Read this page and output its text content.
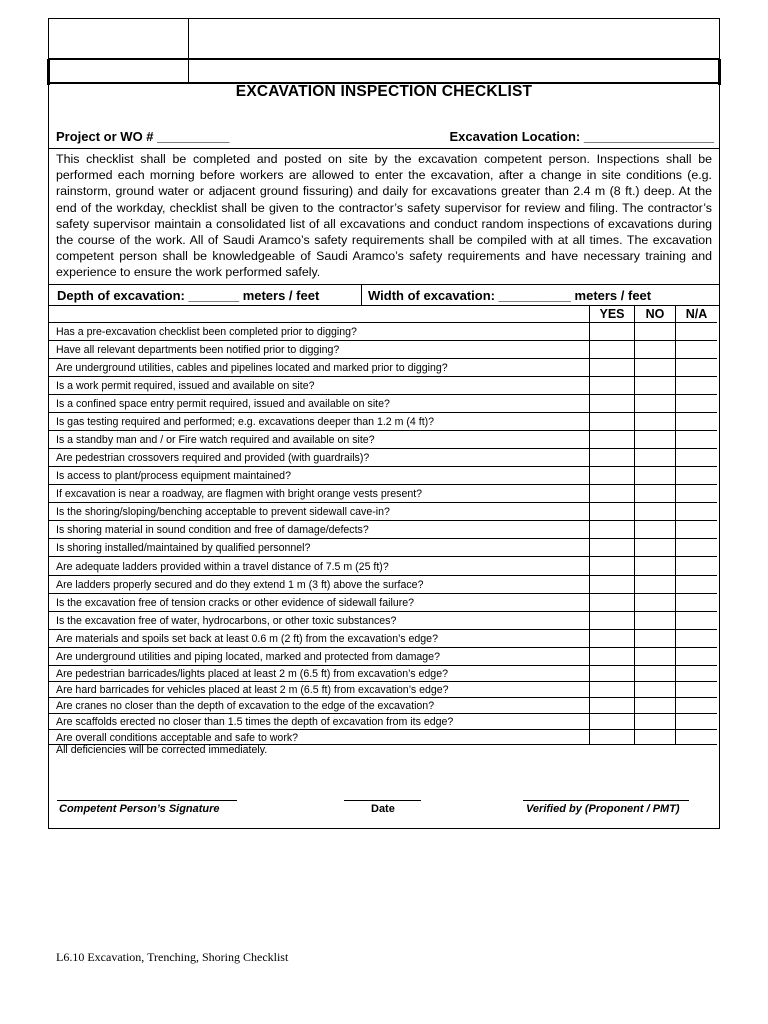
EXCAVATION INSPECTION CHECKLIST
Project or WO # __________	Excavation Location: __________________
This checklist shall be completed and posted on site by the excavation competent person. Inspections shall be performed each morning before workers are allowed to enter the excavation, after a change in site conditions (e.g. rainstorm, ground water or adjacent ground fissuring) and daily for excavations greater than 2.4 m (8 ft.) deep. At the end of the workday, checklist shall be given to the contractor’s safety supervisor for review and filing. The contractor’s safety supervisor maintain a consolidated list of all excavations and conduct random inspections of excavations during the course of the work. All of Saudi Aramco’s safety requirements shall be compiled with at all times. The excavation competent person shall be knowledgeable of Saudi Aramco’s safety requirements and have necessary training and experience to ensure the work performed safely.
Depth of excavation: _______ meters / feet	Width of excavation: __________ meters / feet
YES	NO	N/A
All deficiencies will be corrected immediately.
Competent Person’s Signature	Date	Verified by (Proponent / PMT)
Has a pre-excavation checklist been completed prior to digging?
Have all relevant departments been notified prior to digging?
Are underground utilities, cables and pipelines located and marked prior to digging?
Is a work permit required, issued and available on site?
Is a confined space entry permit required, issued and available on site?
Is gas testing required and performed; e.g. excavations deeper than 1.2 m (4 ft)?
Is a standby man and / or Fire watch required and available on site?
Are pedestrian crossovers required and provided (with guardrails)?
Is access to plant/process equipment maintained?
If excavation is near a roadway, are flagmen with bright orange vests present?
Is the shoring/sloping/benching acceptable to prevent sidewall cave-in?
Is shoring material in sound condition and free of damage/defects?
Is shoring installed/maintained by qualified personnel?
Are adequate ladders provided within a travel distance of 7.5 m (25 ft)?
Are ladders properly secured and do they extend 1 m (3 ft) above the surface?
Is the excavation free of tension cracks or other evidence of sidewall failure?
Is the excavation free of water, hydrocarbons, or other toxic substances?
Are materials and spoils set back at least 0.6 m (2 ft) from the excavation’s edge?
Are underground utilities and piping located, marked and protected from damage?
Are pedestrian barricades/lights placed at least 2 m (6.5 ft) from excavation’s edge?
Are hard barricades for vehicles placed at least 2 m (6.5 ft) from excavation’s edge?
Are cranes no closer than the depth of excavation to the edge of the excavation?
Are scaffolds erected no closer than 1.5 times the depth of excavation from its edge?
Are overall conditions acceptable and safe to work?
L6.10 Excavation, Trenching, Shoring Checklist
